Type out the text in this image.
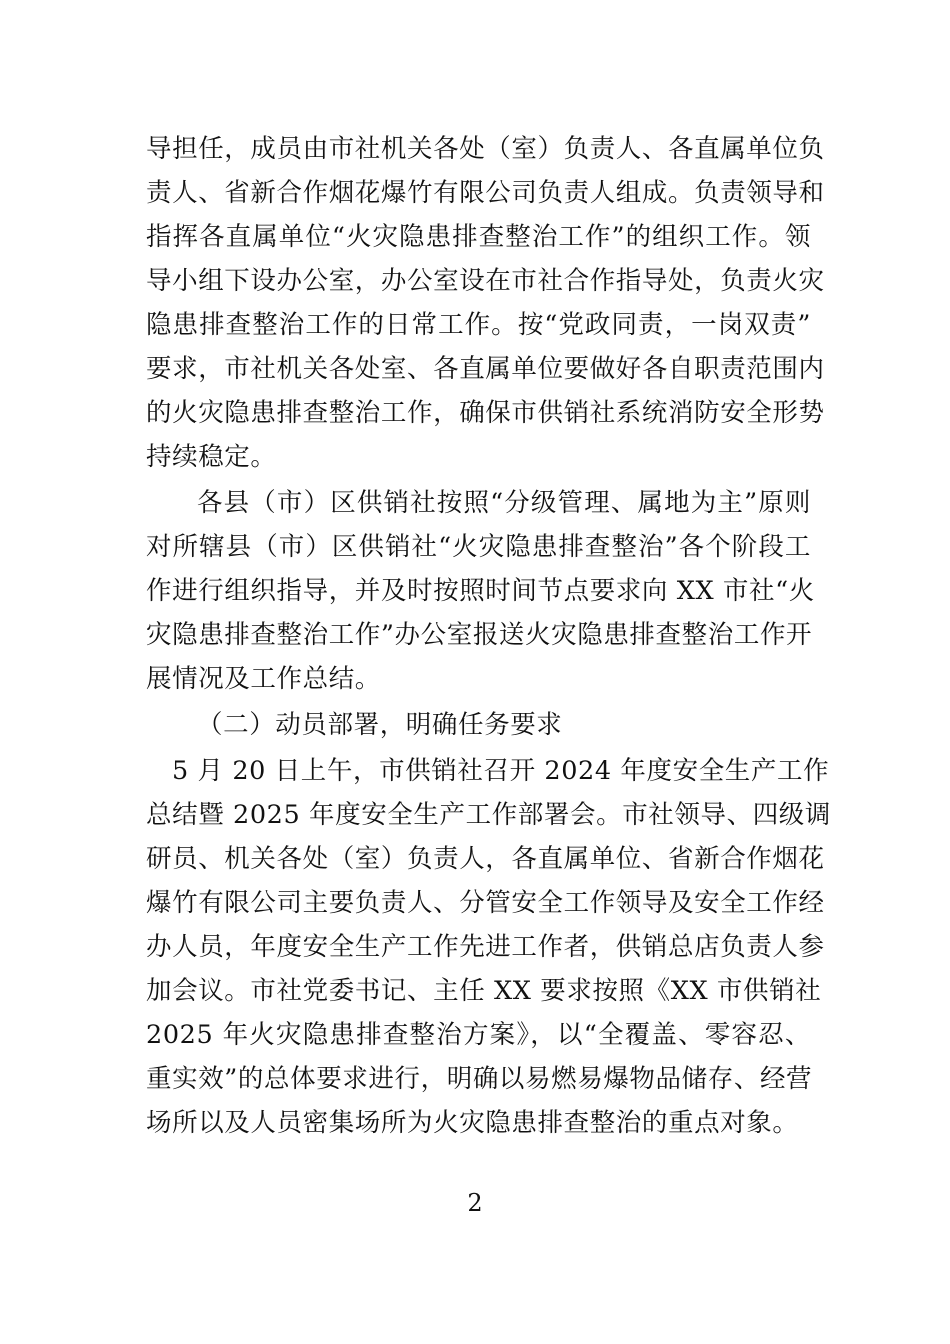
导担任，成员由市社机关各处（室）负责人、各直属单位负
责人、省新合作烟花爆竹有限公司负责人组成。负责领导和
指挥各直属单位“火灾隐患排查整治工作”的组织工作。领
导小组下设办公室，办公室设在市社合作指导处，负责火灾
隐患排查整治工作的日常工作。按“党政同责，一岗双责”
要求，市社机关各处室、各直属单位要做好各自职责范围内
的火灾隐患排查整治工作，确保市供销社系统消防安全形势
持续稳定。
各县（市）区供销社按照“分级管理、属地为主”原则
对所辖县（市）区供销社“火灾隐患排查整治”各个阶段工
作进行组织指导，并及时按照时间节点要求向 XX 市社“火
灾隐患排查整治工作”办公室报送火灾隐患排查整治工作开
展情况及工作总结。
（二）动员部署，明确任务要求
5 月 20 日上午，市供销社召开 2024 年度安全生产工作
总结暨 2025 年度安全生产工作部署会。市社领导、四级调
研员、机关各处（室）负责人，各直属单位、省新合作烟花
爆竹有限公司主要负责人、分管安全工作领导及安全工作经
办人员，年度安全生产工作先进工作者，供销总店负责人参
加会议。市社党委书记、主任 XX 要求按照《XX 市供销社
2025 年火灾隐患排查整治方案》，以“全覆盖、零容忍、
重实效”的总体要求进行，明确以易燃易爆物品储存、经营
场所以及人员密集场所为火灾隐患排查整治的重点对象。
2
